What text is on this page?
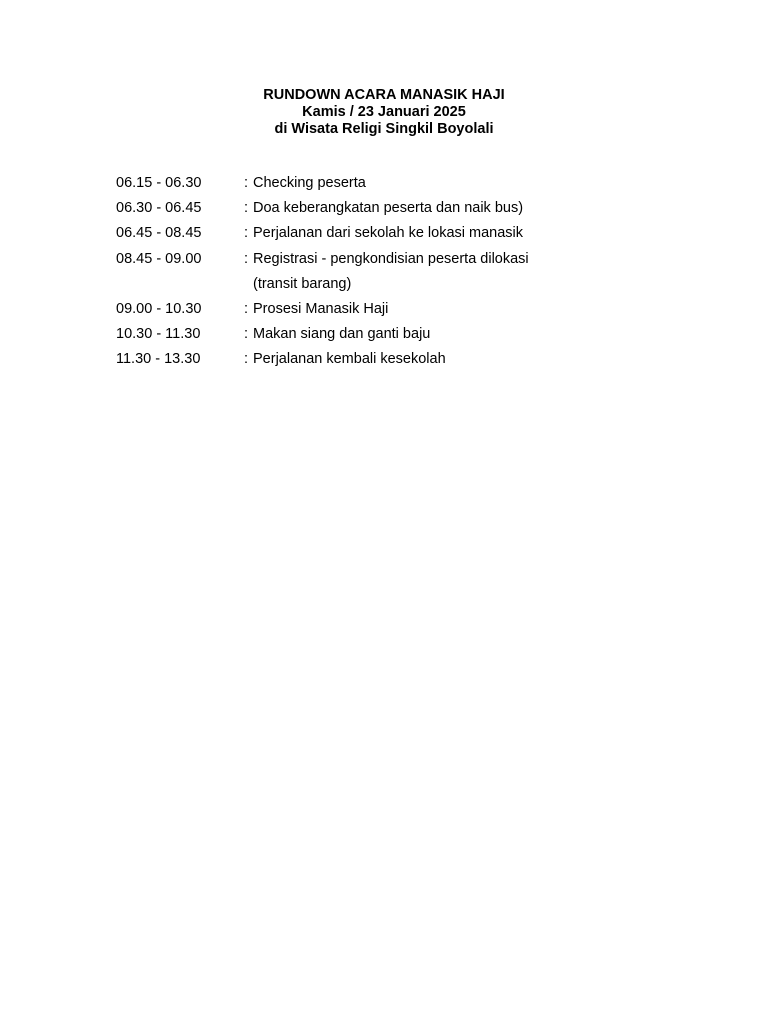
RUNDOWN ACARA MANASIK HAJI
Kamis / 23 Januari 2025
di Wisata Religi Singkil Boyolali
06.15 - 06.30	: Checking peserta
06.30 - 06.45	: Doa keberangkatan peserta dan naik bus)
06.45 - 08.45	: Perjalanan dari sekolah ke lokasi manasik
08.45 - 09.00	: Registrasi - pengkondisian peserta dilokasi
(transit barang)
09.00 - 10.30	: Prosesi Manasik Haji
10.30 - 11.30	: Makan siang dan ganti baju
11.30 - 13.30	: Perjalanan kembali kesekolah
